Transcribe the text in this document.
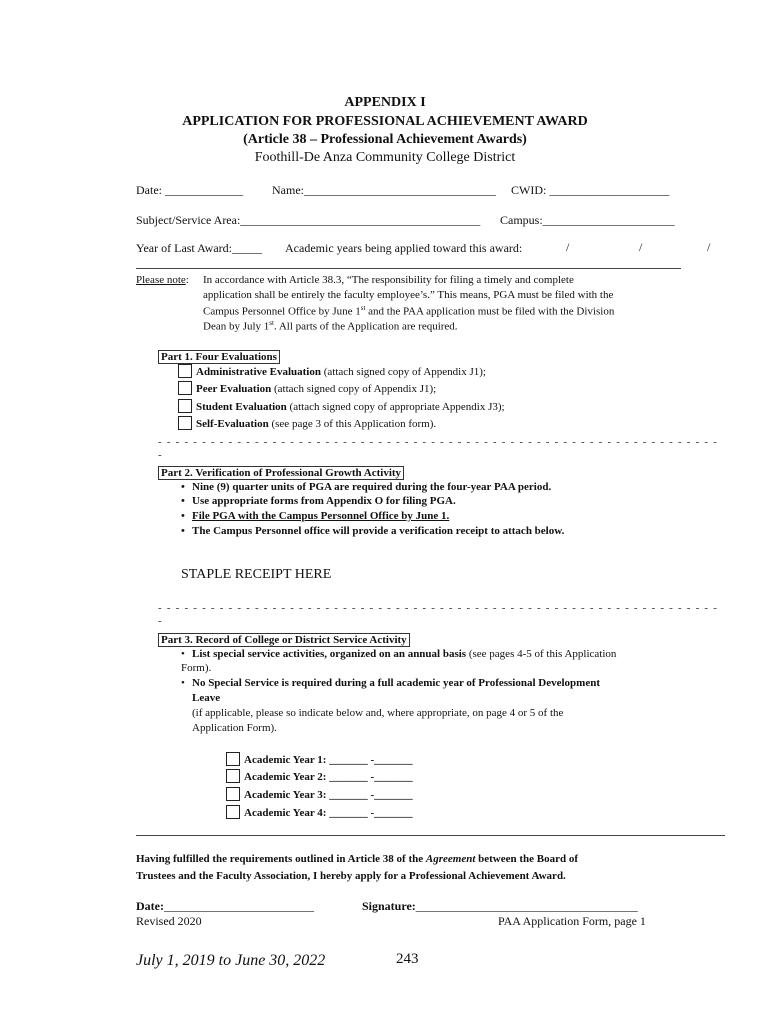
APPENDIX I
APPLICATION FOR PROFESSIONAL ACHIEVEMENT AWARD
(Article 38 – Professional Achievement Awards)
Foothill-De Anza Community College District
Date: _____________ Name:________________________________ CWID: ____________________
Subject/Service Area:________________________________________ Campus:______________________
Year of Last Award:_____ Academic years being applied toward this award:	/	/	/
Please note: In accordance with Article 38.3, “The responsibility for filing a timely and complete
application shall be entirely the faculty employee’s.” This means, PGA must be filed with the
Campus Personnel Office by June 1st and the PAA application must be filed with the Division
Dean by July 1st. All parts of the Application are required.
Part 1. Four Evaluations
Administrative Evaluation (attach signed copy of Appendix J1);
Peer Evaluation (attach signed copy of Appendix J1);
Student Evaluation (attach signed copy of appropriate Appendix J3);
Self-Evaluation (see page 3 of this Application form).
- - - - - - - - - - - - - - - - - - - - - - - - - - - - - - - - - - - - - - - - - - - - - - - - - - - - - - - - - - - - - - - -
-
Part 2. Verification of Professional Growth Activity
• Nine (9) quarter units of PGA are required during the four-year PAA period.
• Use appropriate forms from Appendix O for filing PGA.
• File PGA with the Campus Personnel Office by June 1.
• The Campus Personnel office will provide a verification receipt to attach below.
STAPLE RECEIPT HERE
- - - - - - - - - - - - - - - - - - - - - - - - - - - - - - - - - - - - - - - - - - - - - - - - - - - - - - - - - - - - - - - -
-
Part 3. Record of College or District Service Activity
• List special service activities, organized on an annual basis (see pages 4-5 of this Application
Form).
• No Special Service is required during a full academic year of Professional Development
Leave
(if applicable, please so indicate below and, where appropriate, on page 4 or 5 of the
Application Form).
Academic Year 1: _______ -_______
Academic Year 2: _______ -_______
Academic Year 3: _______ -_______
Academic Year 4: _______ -_______
Having fulfilled the requirements outlined in Article 38 of the Agreement between the Board of
Trustees and the Faculty Association, I hereby apply for a Professional Achievement Award.
Date:_________________________	Signature:_____________________________________
Revised 2020	PAA Application Form, page 1
July 1, 2019 to June 30, 2022	243
